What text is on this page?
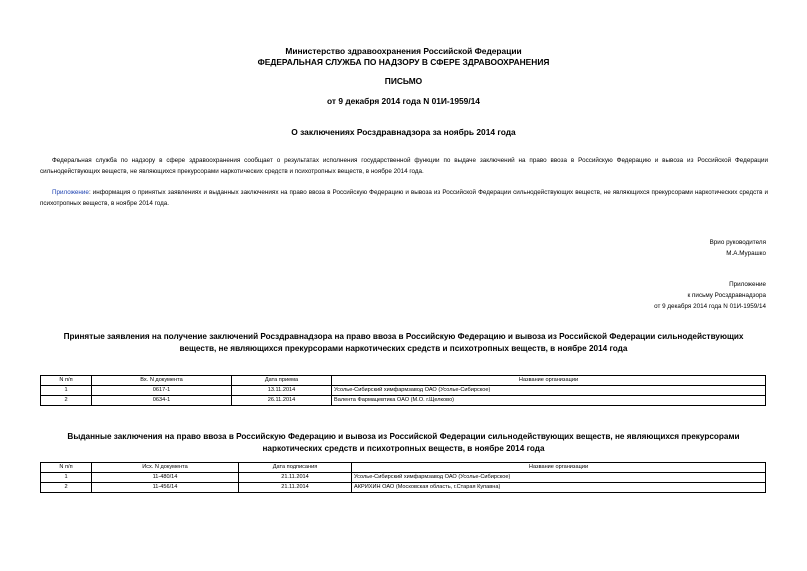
Министерство здравоохранения Российской Федерации
ФЕДЕРАЛЬНАЯ СЛУЖБА ПО НАДЗОРУ В СФЕРЕ ЗДРАВООХРАНЕНИЯ
ПИСЬМО
от 9 декабря 2014 года N 01И-1959/14
О заключениях Росздравнадзора за ноябрь 2014 года
Федеральная служба по надзору в сфере здравоохранения сообщает о результатах исполнения государственной функции по выдаче заключений на право ввоза в Российскую Федерацию и вывоза из Российской Федерации сильнодействующих веществ, не являющихся прекурсорами наркотических средств и психотропных веществ, в ноябре 2014 года.
Приложение: информация о принятых заявлениях и выданных заключениях на право ввоза в Российскую Федерацию и вывоза из Российской Федерации сильнодействующих веществ, не являющихся прекурсорами наркотических средств и психотропных веществ, в ноябре 2014 года.
Врио руководителя
М.А.Мурашко
Приложение
к письму Росздравнадзора
от 9 декабря 2014 года N 01И-1959/14
Принятые заявления на получение заключений Росздравнадзора на право ввоза в Российскую Федерацию и вывоза из Российской Федерации сильнодействующих веществ, не являющихся прекурсорами наркотических средств и психотропных веществ, в ноябре 2014 года
N п/п	Вх. N документа	Дата приема	Название организации
1	0617-1	13.11.2014	Усолье-Сибирский химфармзавод ОАО (Усолье-Сибирское)
2	0634-1	26.11.2014	Валента Фармацевтика ОАО (М.О. г.Щелково)
Выданные заключения на право ввоза в Российскую Федерацию и вывоза из Российской Федерации сильнодействующих веществ, не являющихся прекурсорами наркотических средств и психотропных веществ, в ноябре 2014 года
N п/п	Исх. N документа	Дата подписания	Название организации
1	11-480/14	21.11.2014	Усолье-Сибирский химфармзавод ОАО (Усолье-Сибирское)
2	11-456/14	21.11.2014	АКРИХИН ОАО (Московская область, г.Старая Купавна)
